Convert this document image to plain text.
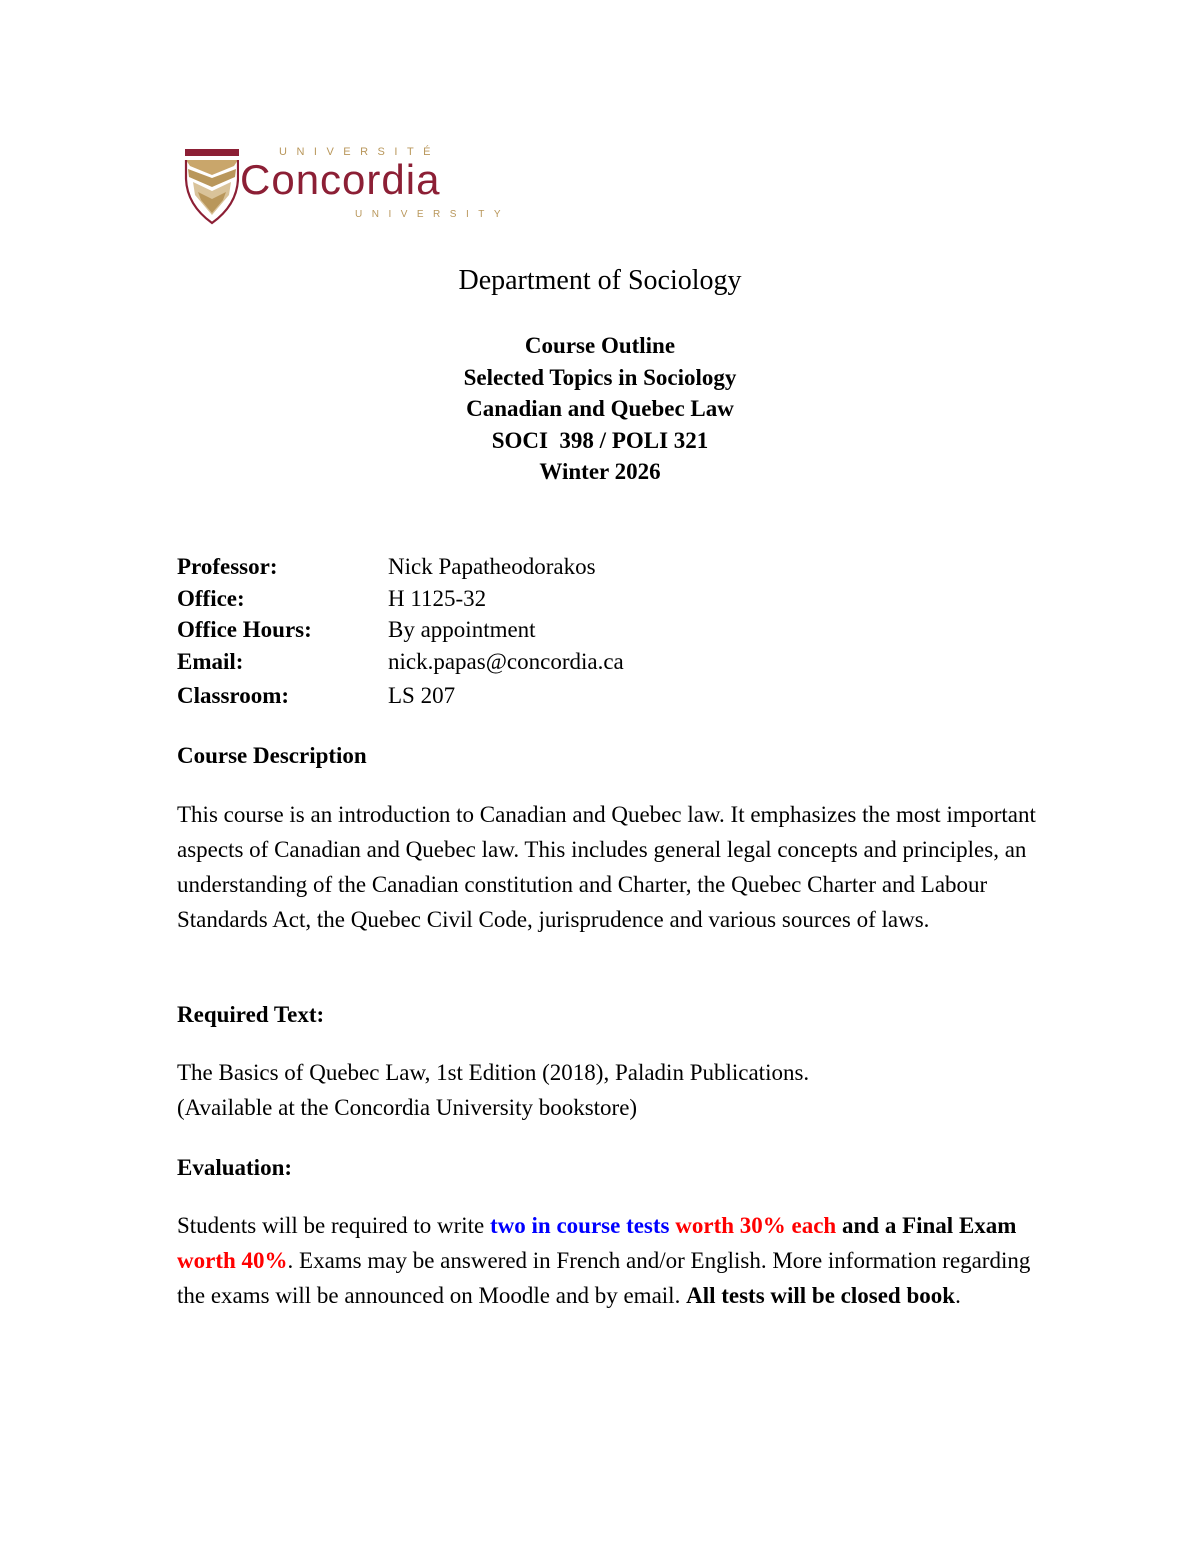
UNIVERSITÉ
Concordia
UNIVERSITY
Department of Sociology
Course Outline
Selected Topics in Sociology
Canadian and Quebec Law
SOCI  398 / POLI 321
Winter 2026
Professor:	Nick Papatheodorakos
Office:	H 1125-32
Office Hours:	By appointment
Email:	nick.papas@concordia.ca
Classroom:	LS 207
Course Description
This course is an introduction to Canadian and Quebec law. It emphasizes the most important aspects of Canadian and Quebec law. This includes general legal concepts and principles, an understanding of the Canadian constitution and Charter, the Quebec Charter and Labour Standards Act, the Quebec Civil Code, jurisprudence and various sources of laws.
Required Text:
The Basics of Quebec Law, 1st Edition (2018), Paladin Publications.
(Available at the Concordia University bookstore)
Evaluation:
Students will be required to write two in course tests worth 30% each and a Final Exam worth 40%. Exams may be answered in French and/or English. More information regarding the exams will be announced on Moodle and by email. All tests will be closed book.
